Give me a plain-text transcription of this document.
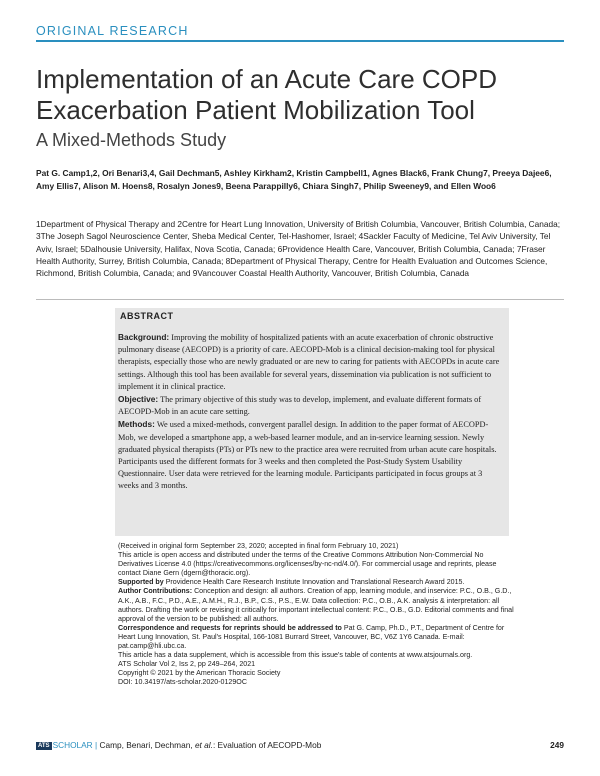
ORIGINAL RESEARCH
Implementation of an Acute Care COPD Exacerbation Patient Mobilization Tool
A Mixed-Methods Study
Pat G. Camp1,2, Ori Benari3,4, Gail Dechman5, Ashley Kirkham2, Kristin Campbell1, Agnes Black6, Frank Chung7, Preeya Dajee6, Amy Ellis7, Alison M. Hoens8, Rosalyn Jones9, Beena Parappilly6, Chiara Singh7, Philip Sweeney9, and Ellen Woo6
1Department of Physical Therapy and 2Centre for Heart Lung Innovation, University of British Columbia, Vancouver, British Columbia, Canada; 3The Joseph Sagol Neuroscience Center, Sheba Medical Center, Tel-Hashomer, Israel; 4Sackler Faculty of Medicine, Tel Aviv University, Tel Aviv, Israel; 5Dalhousie University, Halifax, Nova Scotia, Canada; 6Providence Health Care, Vancouver, British Columbia, Canada; 7Fraser Health Authority, Surrey, British Columbia, Canada; 8Department of Physical Therapy, Centre for Health Evaluation and Outcomes Science, Richmond, British Columbia, Canada; and 9Vancouver Coastal Health Authority, Vancouver, British Columbia, Canada
ABSTRACT

Background: Improving the mobility of hospitalized patients with an acute exacerbation of chronic obstructive pulmonary disease (AECOPD) is a priority of care. AECOPD-Mob is a clinical decision-making tool for physical therapists, especially those who are newly graduated or are new to caring for patients with AECOPDs in acute care settings. Although this tool has been available for several years, dissemination via publication is not sufficient to implement it in clinical practice.

Objective: The primary objective of this study was to develop, implement, and evaluate different formats of AECOPD-Mob in an acute care setting.

Methods: We used a mixed-methods, convergent parallel design. In addition to the paper format of AECOPD-Mob, we developed a smartphone app, a web-based learner module, and an in-service learning session. Newly graduated physical therapists (PTs) or PTs new to the practice area were recruited from urban acute care hospitals. Participants used the different formats for 3 weeks and then completed the Post-Study System Usability Questionnaire. User data were retrieved for the learning module. Participants participated in focus groups at 3 weeks and 3 months.

(Received in original form September 23, 2020; accepted in final form February 10, 2021)

This article is open access and distributed under the terms of the Creative Commons Attribution Non-Commercial No Derivatives License 4.0 (https://creativecommons.org/licenses/by-nc-nd/4.0/). For commercial usage and reprints, please contact Diane Gern (dgern@thoracic.org).

Supported by Providence Health Care Research Institute Innovation and Translational Research Award 2015.

Author Contributions: Conception and design: all authors. Creation of app, learning module, and inservice: P.C., O.B., G.D., A.K., A.B., F.C., P.D., A.E., A.M.H., R.J., B.P., C.S., P.S., E.W. Data collection: P.C., O.B., A.K. analysis & interpretation: all authors. Drafting the work or revising it critically for important intellectual content: P.C., O.B., G.D. Editorial comments and final approval of the version to be published: all authors.

Correspondence and requests for reprints should be addressed to Pat G. Camp, Ph.D., P.T., Department of Centre for Heart Lung Innovation, St. Paul's Hospital, 166-1081 Burrard Street, Vancouver, BC, V6Z 1Y6 Canada. E-mail: pat.camp@hli.ubc.ca.

This article has a data supplement, which is accessible from this issue's table of contents at www.atsjournals.org.

ATS Scholar Vol 2, Iss 2, pp 249–264, 2021

Copyright © 2021 by the American Thoracic Society

DOI: 10.34197/ats-scholar.2020-0129OC

ATS SCHOLAR | Camp, Benari, Dechman, et al.: Evaluation of AECOPD-Mob	249
